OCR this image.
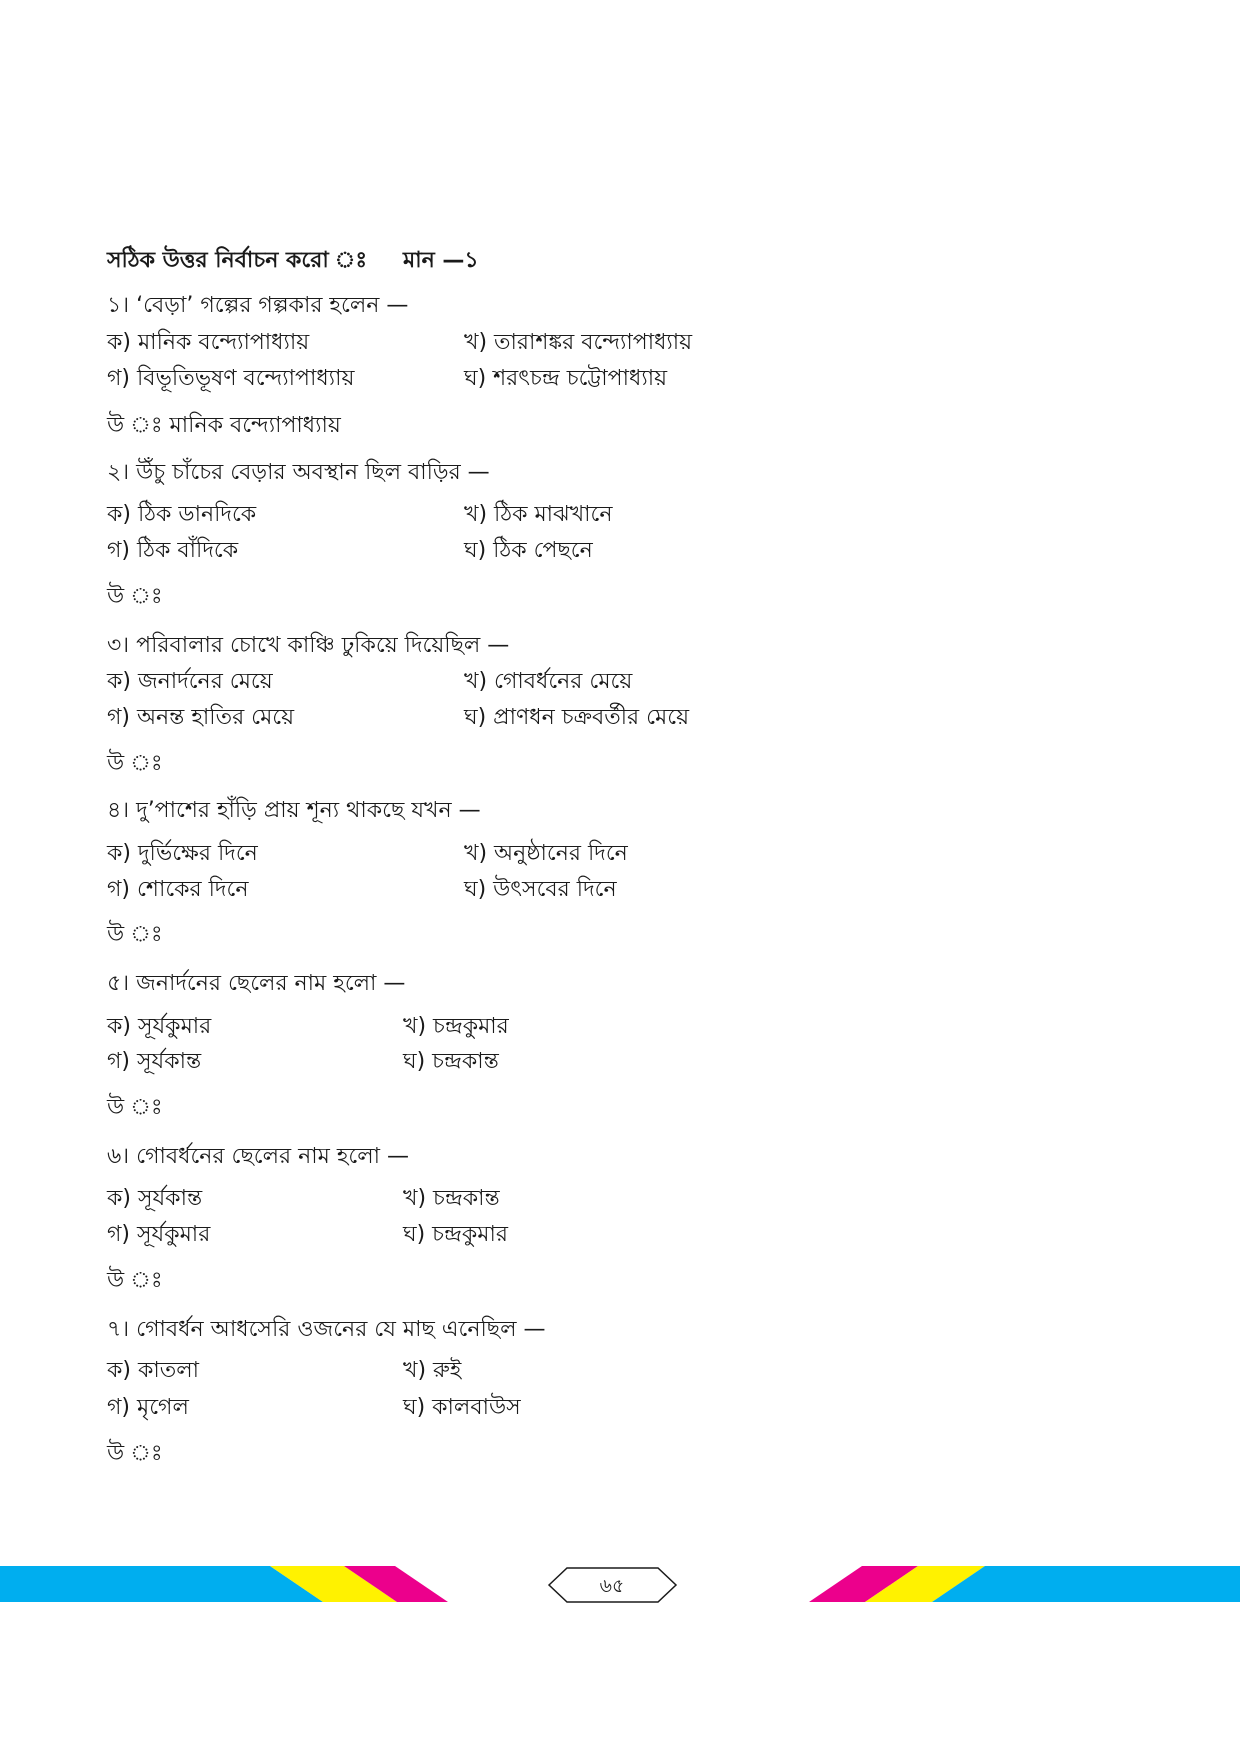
সঠিক উত্তর নির্বাচন করো ঃ মান —১
১। ‘বেড়া’ গল্পের গল্পকার হলেন —
ক) মানিক বন্দ্যোপাধ্যায়	খ) তারাশঙ্কর বন্দ্যোপাধ্যায়
গ) বিভূতিভূষণ বন্দ্যোপাধ্যায়	ঘ) শরৎচন্দ্র চট্টোপাধ্যায়
উ ঃ মানিক বন্দ্যোপাধ্যায়
২। উঁচু চাঁচের বেড়ার অবস্থান ছিল বাড়ির —
ক) ঠিক ডানদিকে	খ) ঠিক মাঝখানে
গ) ঠিক বাঁদিকে	ঘ) ঠিক পেছনে
উ ঃ
৩। পরিবালার চোখে কাঞ্চি ঢুকিয়ে দিয়েছিল —
ক) জনার্দনের মেয়ে	খ) গোবর্ধনের মেয়ে
গ) অনন্ত হাতির মেয়ে	ঘ) প্রাণধন চক্রবর্তীর মেয়ে
উ ঃ
৪। দু’পাশের হাঁড়ি প্রায় শূন্য থাকছে যখন —
ক) দুর্ভিক্ষের দিনে	খ) অনুষ্ঠানের দিনে
গ) শোকের দিনে	ঘ) উৎসবের দিনে
উ ঃ
৫। জনার্দনের ছেলের নাম হলো —
ক) সূর্যকুমার	খ) চন্দ্রকুমার
গ) সূর্যকান্ত	ঘ) চন্দ্রকান্ত
উ ঃ
৬। গোবর্ধনের ছেলের নাম হলো —
ক) সূর্যকান্ত	খ) চন্দ্রকান্ত
গ) সূর্যকুমার	ঘ) চন্দ্রকুমার
উ ঃ
৭। গোবর্ধন আধসেরি ওজনের যে মাছ এনেছিল —
ক) কাতলা	খ) রুই
গ) মৃগেল	ঘ) কালবাউস
উ ঃ
৬৫
